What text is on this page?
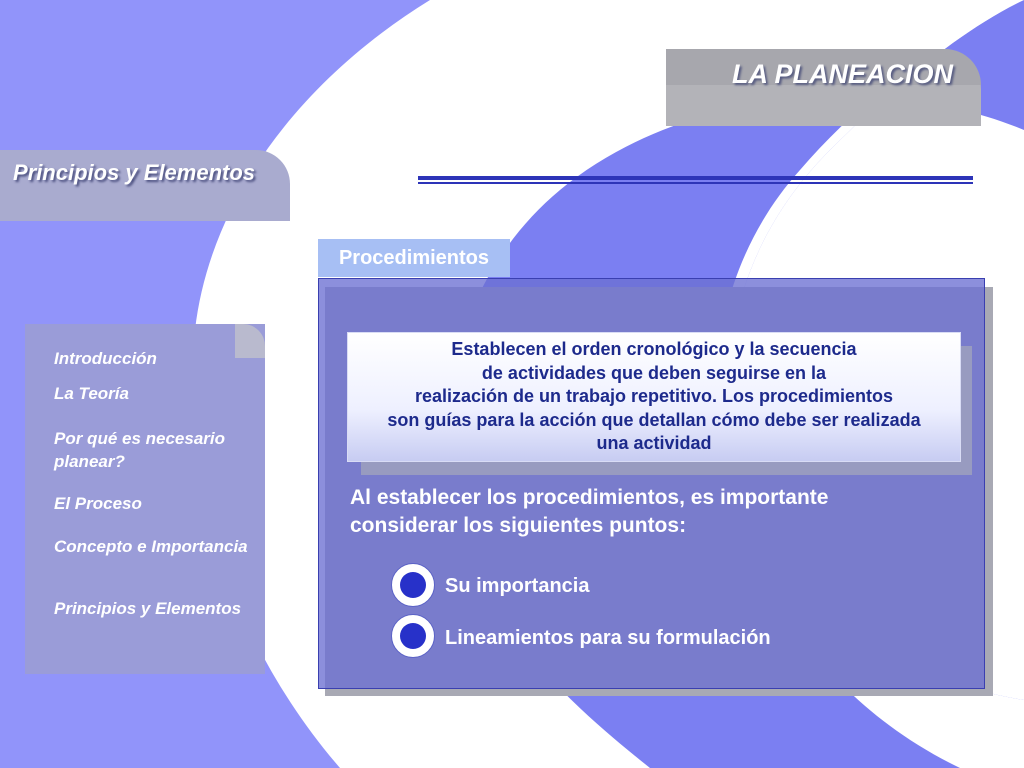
LA PLANEACION
Principios y Elementos
Introducción
La Teoría
Por qué es necesario planear?
El Proceso
Concepto e Importancia
Principios y Elementos
Procedimientos
Establecen el orden cronológico y la secuencia
de actividades que deben seguirse en la
realización de un trabajo repetitivo. Los procedimientos
son guías para la acción que detallan cómo debe ser realizada
una actividad
Al establecer los procedimientos, es importante considerar los siguientes puntos:
Su importancia
Lineamientos para su formulación
